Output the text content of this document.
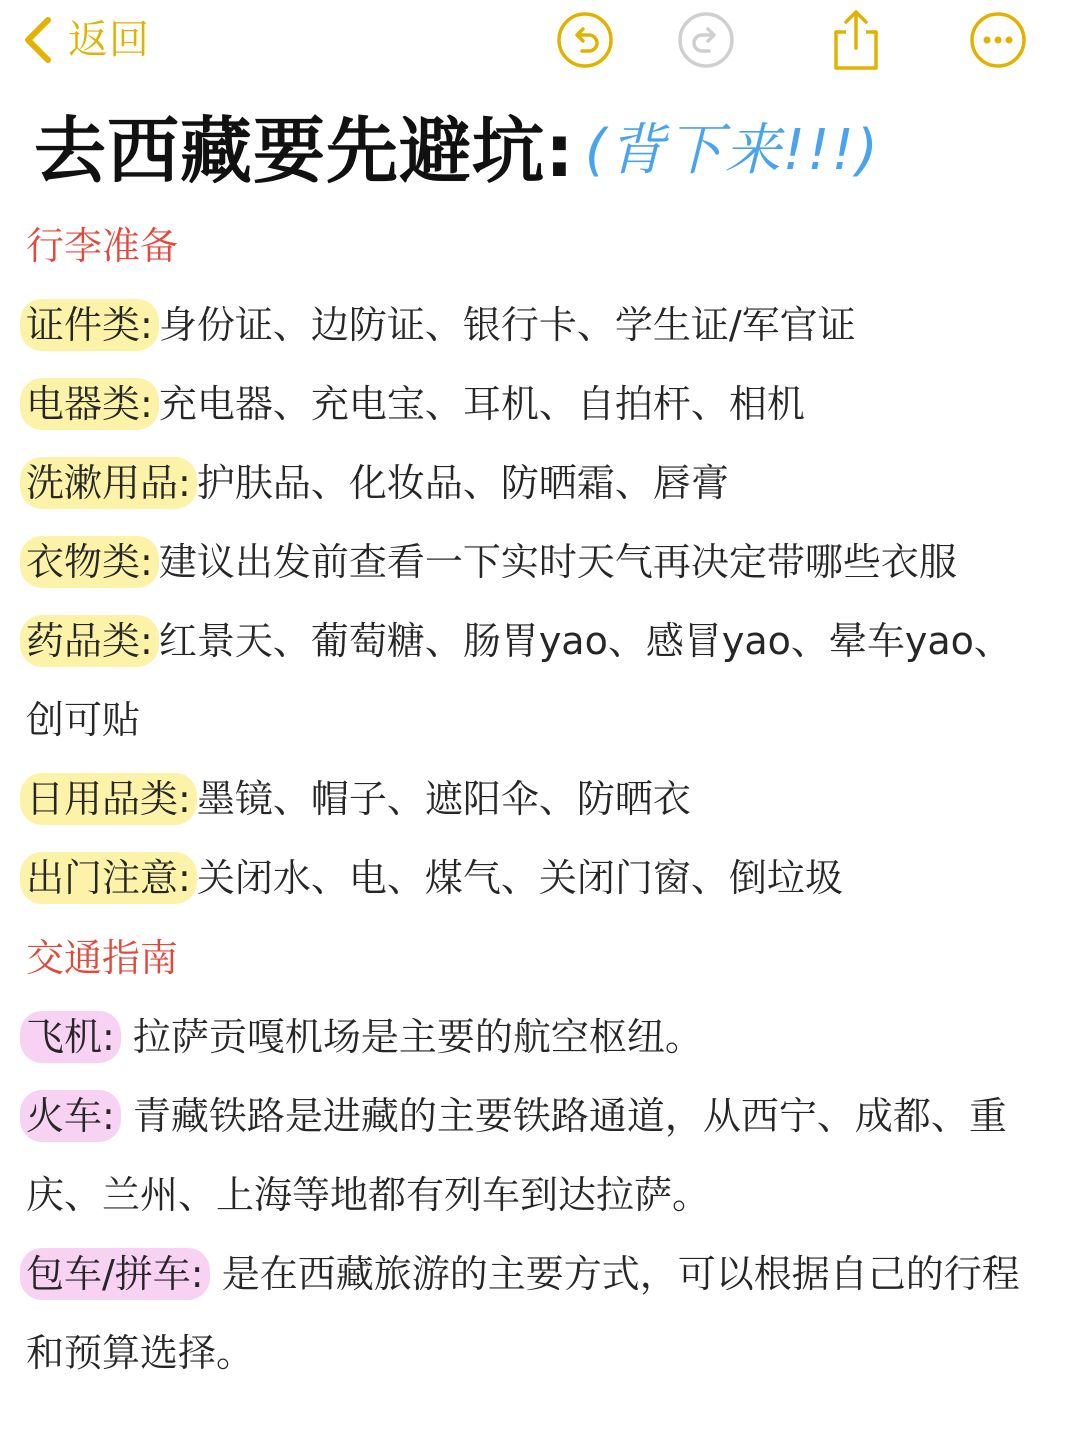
返回
去西藏要先避坑: (背下来!!!)
行李准备
证件类: 身份证、边防证、银行卡、学生证/军官证
电器类: 充电器、充电宝、耳机、自拍杆、相机
洗漱用品: 护肤品、化妆品、防晒霜、唇膏
衣物类: 建议出发前查看一下实时天气再决定带哪些衣服
药品类: 红景天、葡萄糖、肠胃yao、感冒yao、晕车yao、创可贴
日用品类: 墨镜、帽子、遮阳伞、防晒衣
出门注意: 关闭水、电、煤气、关闭门窗、倒垃圾
交通指南
飞机: 拉萨贡嘎机场是主要的航空枢纽。
火车: 青藏铁路是进藏的主要铁路通道，从西宁、成都、重庆、兰州、上海等地都有列车到达拉萨。
包车/拼车: 是在西藏旅游的主要方式，可以根据自己的行程和预算选择。
